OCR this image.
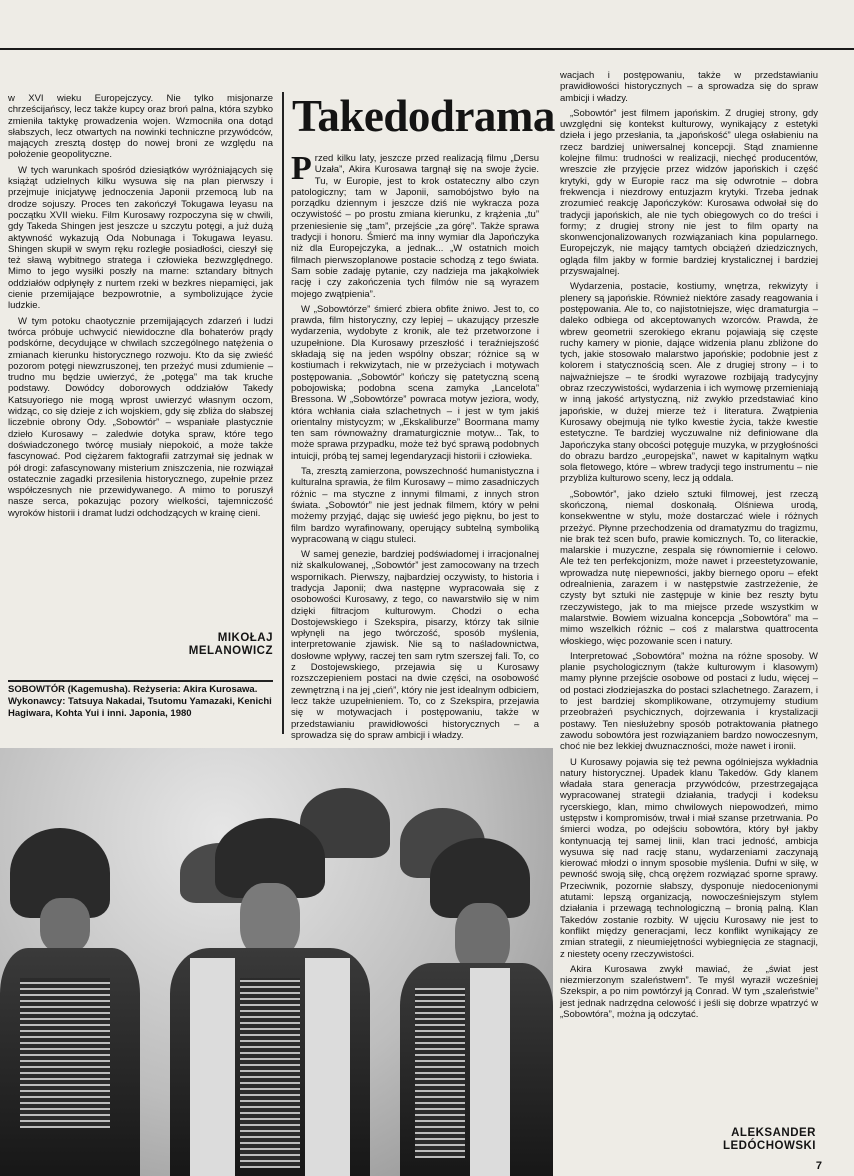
w XVI wieku Europejczycy. Nie tylko misjonarze chrześcijańscy, lecz także kupcy oraz broń palna, która szybko zmieniła taktykę prowadzenia wojen. Wzmocniła ona dotąd słabszych, lecz otwartych na nowinki techniczne przywódców, mających zresztą dostęp do nowej broni ze względu na położenie geopolityczne.

W tych warunkach spośród dziesiątków wyróżniających się książąt udzielnych kilku wysuwa się na plan pierwszy i przejmuje inicjatywę jednoczenia Japonii przemocą lub na drodze sojuszy. Proces ten zakończył Tokugawa Ieyasu na początku XVII wieku. Film Kurosawy rozpoczyna się w chwili, gdy Takeda Shingen jest jeszcze u szczytu potęgi, a już dużą aktywność wykazują Oda Nobunaga i Tokugawa Ieyasu. Shingen skupił w swym ręku rozległe posiadłości, cieszył się też sławą wybitnego stratega i człowieka bezwzględnego. Mimo to jego wysiłki poszły na marne: sztandary bitnych oddziałów odpłynęły z nurtem rzeki w bezkres niepamięci, jak cienie przemijające bezpowrotnie, a symbolizujące życie ludzkie.

W tym potoku chaotycznie przemijających zdarzeń i ludzi twórca próbuje uchwycić niewidoczne dla bohaterów prądy podskórne, decydujące w chwilach szczególnego natężenia o zmianach kierunku historycznego rozwoju. Kto da się zwieść pozorom potęgi niewzruszonej, ten przeżyć musi zdumienie – trudno mu będzie uwierzyć, że „potęga” ma tak kruche podstawy. Dowódcy doborowych oddziałów Takedy Katsuyoriego nie mogą wprost uwierzyć własnym oczom, widząc, co się dzieje z ich wojskiem, gdy się zbliża do słabszej liczebnie obrony Ody. „Sobowtór” – wspaniałe plastycznie dzieło Kurosawy – zaledwie dotyka spraw, które tego doświadczonego twórcę musiały niepokoić, a może także fascynować. Pod ciężarem faktografii zatrzymał się jednak w pół drogi: zafascynowany misterium zniszczenia, nie rozwiązał ostatecznie zagadki przesilenia historycznego, zupełnie przez współczesnych nie przewidywanego. A mimo to poruszył nasze serca, pokazując pozory wielkości, tajemniczość wyroków historii i dramat ludzi odchodzących w krainę cieni.

MIKOŁAJ
MELANOWICZ
SOBOWTÓR (Kagemusha). Reżyseria: Akira Kurosawa. Wykonawcy: Tatsuya Nakadai, Tsutomu Yamazaki, Kenichi Hagiwara, Kohta Yui i inni. Japonia, 1980
Takedodrama

Przed kilku laty, jeszcze przed realizacją filmu „Dersu Uzała”, Akira Kurosawa targnął się na swoje życie. Tu, w Europie, jest to krok ostateczny albo czyn patologiczny; tam w Japonii, samobójstwo było na porządku dziennym i jeszcze dziś nie wykracza poza oczywistość – po prostu zmiana kierunku, z krążenia „tu” przeniesienie się „tam”, przejście „za górę”. Także sprawa tradycji i honoru. Śmierć ma inny wymiar dla Japończyka niż dla Europejczyka, a jednak... „W ostatnich moich filmach pierwszoplanowe postacie schodzą z tego świata. Sam sobie zadaję pytanie, czy nadzieja ma jakąkolwiek rację i czy zakończenia tych filmów nie są wyrazem mojego zwątpienia”.

W „Sobowtórze” śmierć zbiera obfite żniwo. Jest to, co prawda, film historyczny, czy lepiej – ukazujący przeszłe wydarzenia, wydobyte z kronik, ale też przetworzone i uzupełnione. Dla Kurosawy przeszłość i teraźniejszość składają się na jeden wspólny obszar; różnice są w kostiumach i rekwizytach, nie w przeżyciach i motywach postępowania. „Sobowtór” kończy się patetyczną sceną pobojowiska; podobna scena zamyka „Lancelota” Bressona. W „Sobowtórze” powraca motyw jeziora, wody, która wchłania ciała szlachetnych – i jest w tym jakiś orientalny mistycyzm; w „Ekskaliburze” Boormana mamy ten sam równoważny dramaturgicznie motyw... Tak, to może sprawa przypadku, może też być sprawą podobnych intuicji, próbą tej samej legendaryzacji historii i człowieka.

Ta, zresztą zamierzona, powszechność humanistyczna i kulturalna sprawia, że film Kurosawy – mimo zasadniczych różnic – ma styczne z innymi filmami, z innych stron świata. „Sobowtór” nie jest jednak filmem, który w pełni możemy przyjąć, dając się uwieść jego pięknu, bo jest to film bardzo wyrafinowany, operujący subtelną symboliką wypracowaną w ciągu stuleci.

W samej genezie, bardziej podświadomej i irracjonalnej niż skalkulowanej, „Sobowtór” jest zamocowany na trzech wspornikach. Pierwszy, najbardziej oczywisty, to historia i tradycja Japonii; dwa następne wypracowała się z osobowości Kurosawy, z tego, co nawarstwiło się w nim dzięki filtracjom kulturowym. Chodzi o echa Dostojewskiego i Szekspira, pisarzy, którzy tak silnie wpłynęli na jego twórczość, sposób myślenia, interpretowanie zjawisk. Nie są to naśladownictwa, dosłowne wpływy, raczej ten sam rytm szerszej fali. To, co z Dostojewskiego, przejawia się u Kurosawy rozszczepieniem postaci na dwie części, na osobowość zewnętrzną i na jej „cień”, który nie jest idealnym odbiciem, lecz także uzupełnieniem. To, co z Szekspira, przejawia się w motywacjach i postępowaniu, także w przedstawianiu prawidłowości historycznych – a sprowadza się do spraw ambicji i władzy.

wacjach i postępowaniu, także w przedstawianiu prawidłowości historycznych – a sprowadza się do spraw ambicji i władzy.

„Sobowtór” jest filmem japońskim. Z drugiej strony, gdy uwzględni się kontekst kulturowy, wynikający z estetyki dzieła i jego przesłania, ta „japońskość” ulega osłabieniu na rzecz bardziej uniwersalnej koncepcji. Stąd znamienne kolejne filmu: trudności w realizacji, niechęć producentów, wreszcie złe przyjęcie przez widzów japońskich i część krytyki, gdy w Europie racz ma się odwrotnie – dobra frekwencja i niezdrowy entuzjazm krytyki. Trzeba jednak zrozumieć reakcję Japończyków: Kurosawa odwołał się do tradycji japońskich, ale nie tych obiegowych co do treści i formy; z drugiej strony nie jest to film oparty na skonwencjonalizowanych rozwiązaniach kina popularnego. Europejczyk, nie mający tamtych obciążeń dziedzicznych, ogląda film jakby w formie bardziej krystalicznej i bardziej przyswajalnej.

Wydarzenia, postacie, kostiumy, wnętrza, rekwizyty i plenery są japońskie. Również niektóre zasady reagowania i postępowania. Ale to, co najistotniejsze, więc dramaturgia – daleko odbiega od akceptowanych wzorców. Prawda, że wbrew geometrii szerokiego ekranu pojawiają się częste ruchy kamery w pionie, dające widzenia planu zbliżone do tych, jakie stosowało malarstwo japońskie; podobnie jest z kolorem i statycznością scen. Ale z drugiej strony – i to najważniejsze – te środki wyrazowe rozbijają tradycyjny obraz rzeczywistości, wydarzenia i ich wymowę przemieniają w inną jakość artystyczną, niż zwykło przedstawiać kino japońskie, w dużej mierze też i literatura. Zwątpienia Kurosawy obejmują nie tylko kwestie życia, także kwestie estetyczne. Te bardziej wyczuwalne niż definiowane dla Japończyka stany obcości potęguje muzyka, w przygłośności do obrazu bardzo „europejska”, nawet w kapitalnym wątku sola fletowego, które – wbrew tradycji tego instrumentu – nie przybliża kulturowo sceny, lecz ją oddala.

„Sobowtór”, jako dzieło sztuki filmowej, jest rzeczą skończoną, niemal doskonałą. Olśniewa urodą, konsekwentne w stylu, może dostarczać wiele i różnych przeżyć. Płynne przechodzenia od dramatyzmu do tragizmu, nie brak też scen bufo, prawie komicznych. To, co literackie, malarskie i muzyczne, zespala się równomiernie i celowo. Ale też ten perfekcjonizm, może nawet i przeestetyzowanie, wprowadza nutę niepewności, jakby biernego oporu – efekt odrealnienia, zarazem i w następstwie zastrzeżenie, że czysty byt sztuki nie zastępuje w kinie bez reszty bytu rzeczywistego, jak to ma miejsce przede wszystkim w malarstwie. Bowiem wizualna koncepcja „Sobowtóra” ma – mimo wszelkich różnic – coś z malarstwa quattrocenta włoskiego, więc pozowanie scen i natury.

Interpretować „Sobowtóra” można na różne sposoby. W planie psychologicznym (także kulturowym i klasowym) mamy płynne przejście osobowe od postaci z ludu, więcej – od postaci złodziejaszka do postaci szlachetnego. Zarazem, i to jest bardziej skomplikowane, otrzymujemy studium przeobrażeń psychicznych, dojrzewania i krystalizacji postawy. Ten niesłużebny sposób potraktowania płatnego zawodu sobowtóra jest rozwiązaniem bardzo nowoczesnym, choć nie bez lekkiej dwuznaczności, może nawet i ironii.

U Kurosawy pojawia się też pewna ogólniejsza wykładnia natury historycznej. Upadek klanu Takedów. Gdy klanem władała stara generacja przywódców, przestrzegająca wypracowanej strategii działania, tradycji i kodeksu rycerskiego, klan, mimo chwilowych niepowodzeń, mimo ustępstw i kompromisów, trwał i miał szanse przetrwania. Po śmierci wodza, po odejściu sobowtóra, który był jakby kontynuacją tej samej linii, klan traci jedność, ambicja wysuwa się nad rację stanu, wydarzeniami zaczynają kierować młodzi o innym sposobie myślenia. Dufni w siłę, w pewność swoją siłę, chcą orężem rozwiązać sporne sprawy. Przeciwnik, pozornie słabszy, dysponuje niedocenionymi atutami: lepszą organizacją, nowocześniejszym stylem działania i przewagą technologiczną – bronią palną. Klan Takedów zostanie rozbity. W ujęciu Kurosawy nie jest to konflikt między generacjami, lecz konflikt wynikający ze zmian strategii, z nieumiejętności wybiegnięcia ze stagnacji, z niestety oceny rzeczywistości.

Akira Kurosawa zwykł mawiać, że „świat jest niezmierzonym szaleństwem”. Te myśl wyraził wcześniej Szekspir, a po nim powtórzył ją Conrad. W tym „szaleństwie” jest jednak nadrzędna celowość i jeśli się dobrze wpatrzyć w „Sobowtóra”, można ją odczytać.

ALEKSANDER
LEDÓCHOWSKI
7
